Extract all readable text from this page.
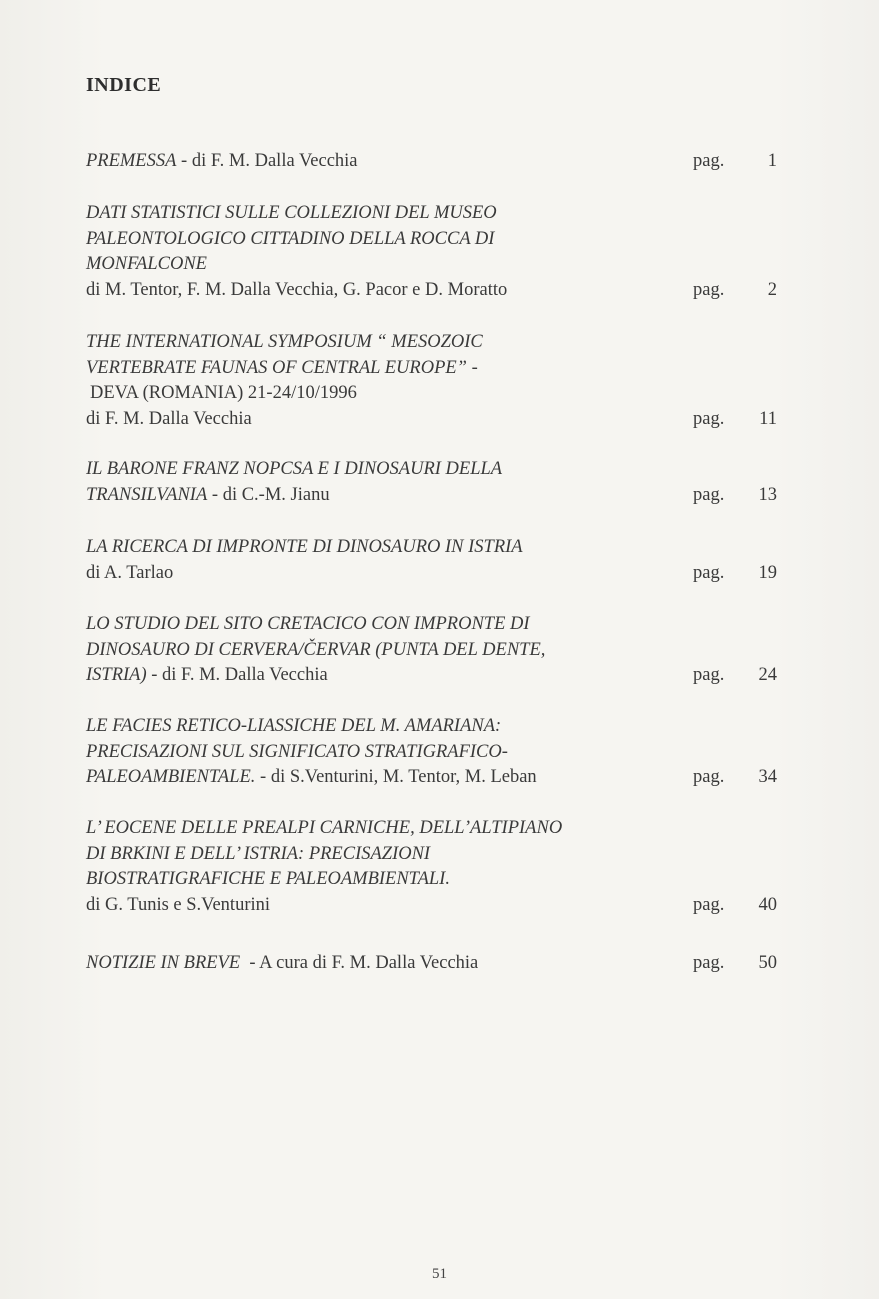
INDICE
PREMESSA - di F. M. Dalla Vecchia	pag. 1
DATI STATISTICI SULLE COLLEZIONI DEL MUSEO
PALEONTOLOGICO CITTADINO DELLA ROCCA DI
MONFALCONE
di M. Tentor, F. M. Dalla Vecchia, G. Pacor e D. Moratto	pag. 2
THE INTERNATIONAL SYMPOSIUM “ MESOZOIC
VERTEBRATE FAUNAS OF CENTRAL EUROPE” -
DEVA (ROMANIA) 21-24/10/1996
di F. M. Dalla Vecchia	pag. 11
IL BARONE FRANZ NOPCSA E I DINOSAURI DELLA
TRANSILVANIA - di C.-M. Jianu	pag. 13
LA RICERCA DI IMPRONTE DI DINOSAURO IN ISTRIA
di A. Tarlao	pag. 19
LO STUDIO DEL SITO CRETACICO CON IMPRONTE DI
DINOSAURO DI CERVERA/ČERVAR (PUNTA DEL DENTE,
ISTRIA) - di F. M. Dalla Vecchia	pag. 24
LE FACIES RETICO-LIASSICHE DEL M. AMARIANA:
PRECISAZIONI SUL SIGNIFICATO STRATIGRAFICO-
PALEOAMBIENTALE. - di S.Venturini, M. Tentor, M. Leban	pag. 34
L’ EOCENE DELLE PREALPI CARNICHE, DELL’ALTIPIANO
DI BRKINI E DELL’ ISTRIA: PRECISAZIONI
BIOSTRATIGRAFICHE E PALEOAMBIENTALI.
di G. Tunis e S.Venturini	pag. 40
NOTIZIE IN BREVE  - A cura di F. M. Dalla Vecchia	pag. 50
51
